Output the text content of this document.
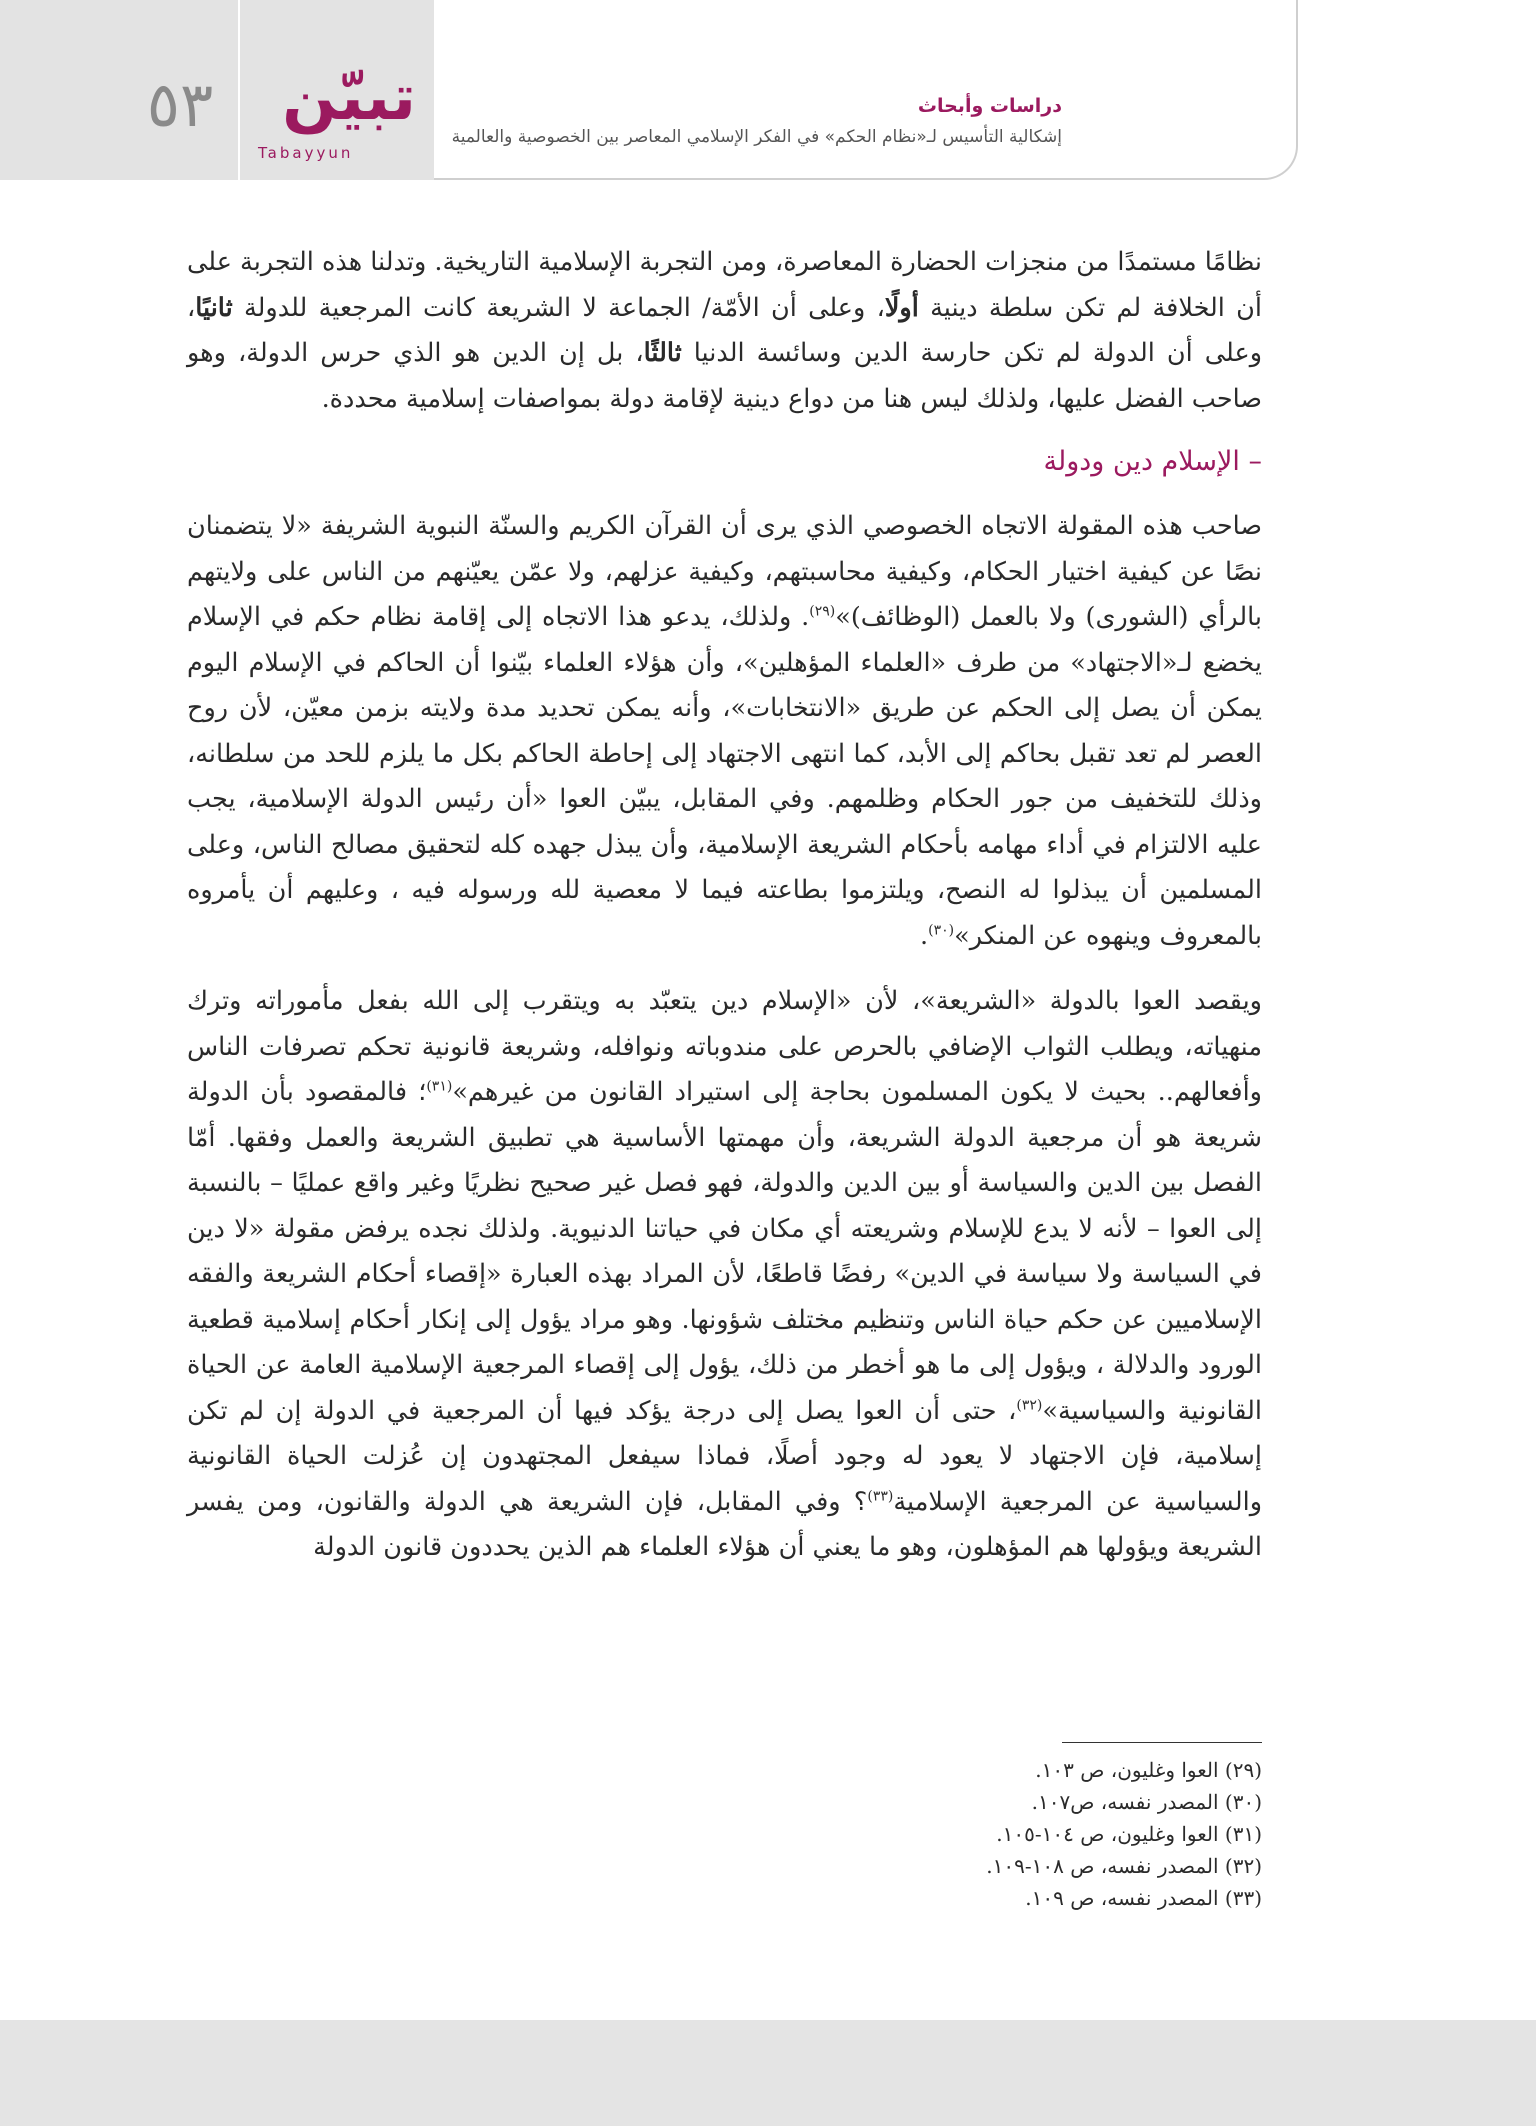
٥٣ تبيّن
Tabayyun
دراسات وأبحاث
إشكالية التأسيس لـ«نظام الحكم» في الفكر الإسلامي المعاصر بين الخصوصية والعالمية

نظامًا مستمدًا من منجزات الحضارة المعاصرة، ومن التجربة الإسلامية التاريخية. وتدلنا هذه التجربة على أن الخلافة لم تكن سلطة دينية أولًا، وعلى أن الأمّة/ الجماعة لا الشريعة كانت المرجعية للدولة ثانيًا، وعلى أن الدولة لم تكن حارسة الدين وسائسة الدنيا ثالثًا، بل إن الدين هو الذي حرس الدولة، وهو صاحب الفضل عليها، ولذلك ليس هنا من دواع دينية لإقامة دولة بمواصفات إسلامية محددة.

– الإسلام دين ودولة

صاحب هذه المقولة الاتجاه الخصوصي الذي يرى أن القرآن الكريم والسنّة النبوية الشريفة «لا يتضمنان نصًا عن كيفية اختيار الحكام، وكيفية محاسبتهم، وكيفية عزلهم، ولا عمّن يعيّنهم من الناس على ولايتهم بالرأي (الشورى) ولا بالعمل (الوظائف)»$^{(٢٩)}$. ولذلك، يدعو هذا الاتجاه إلى إقامة نظام حكم في الإسلام يخضع لـ«الاجتهاد» من طرف «العلماء المؤهلين»، وأن هؤلاء العلماء بيّنوا أن الحاكم في الإسلام اليوم يمكن أن يصل إلى الحكم عن طريق «الانتخابات»، وأنه يمكن تحديد مدة ولايته بزمن معيّن، لأن روح العصر لم تعد تقبل بحاكم إلى الأبد، كما انتهى الاجتهاد إلى إحاطة الحاكم بكل ما يلزم للحد من سلطانه، وذلك للتخفيف من جور الحكام وظلمهم. وفي المقابل، يبيّن العوا «أن رئيس الدولة الإسلامية، يجب عليه الالتزام في أداء مهامه بأحكام الشريعة الإسلامية، وأن يبذل جهده كله لتحقيق مصالح الناس، وعلى المسلمين أن يبذلوا له النصح، ويلتزموا بطاعته فيما لا معصية لله ورسوله فيه ، وعليهم أن يأمروه بالمعروف وينهوه عن المنكر»$^{(٣٠)}$.

ويقصد العوا بالدولة «الشريعة»، لأن «الإسلام دين يتعبّد به ويتقرب إلى الله بفعل مأموراته وترك منهياته، ويطلب الثواب الإضافي بالحرص على مندوباته ونوافله، وشريعة قانونية تحكم تصرفات الناس وأفعالهم.. بحيث لا يكون المسلمون بحاجة إلى استيراد القانون من غيرهم»$^{(٣١)}$؛ فالمقصود بأن الدولة شريعة هو أن مرجعية الدولة الشريعة، وأن مهمتها الأساسية هي تطبيق الشريعة والعمل وفقها. أمّا الفصل بين الدين والسياسة أو بين الدين والدولة، فهو فصل غير صحيح نظريًا وغير واقع عمليًا – بالنسبة إلى العوا – لأنه لا يدع للإسلام وشريعته أي مكان في حياتنا الدنيوية. ولذلك نجده يرفض مقولة «لا دين في السياسة ولا سياسة في الدين» رفضًا قاطعًا، لأن المراد بهذه العبارة «إقصاء أحكام الشريعة والفقه الإسلاميين عن حكم حياة الناس وتنظيم مختلف شؤونها. وهو مراد يؤول إلى إنكار أحكام إسلامية قطعية الورود والدلالة ، ويؤول إلى ما هو أخطر من ذلك، يؤول إلى إقصاء المرجعية الإسلامية العامة عن الحياة القانونية والسياسية»$^{(٣٢)}$، حتى أن العوا يصل إلى درجة يؤكد فيها أن المرجعية في الدولة إن لم تكن إسلامية، فإن الاجتهاد لا يعود له وجود أصلًا، فماذا سيفعل المجتهدون إن عُزلت الحياة القانونية والسياسية عن المرجعية الإسلامية$^{(٣٣)}$؟ وفي المقابل، فإن الشريعة هي الدولة والقانون، ومن يفسر الشريعة ويؤولها هم المؤهلون، وهو ما يعني أن هؤلاء العلماء هم الذين يحددون قانون الدولة

(٢٩) العوا وغليون، ص ١٠٣.
(٣٠) المصدر نفسه، ص١٠٧.
(٣١) العوا وغليون، ص ١٠٤-١٠٥.
(٣٢) المصدر نفسه، ص ١٠٨-١٠٩.
(٣٣) المصدر نفسه، ص ١٠٩.
